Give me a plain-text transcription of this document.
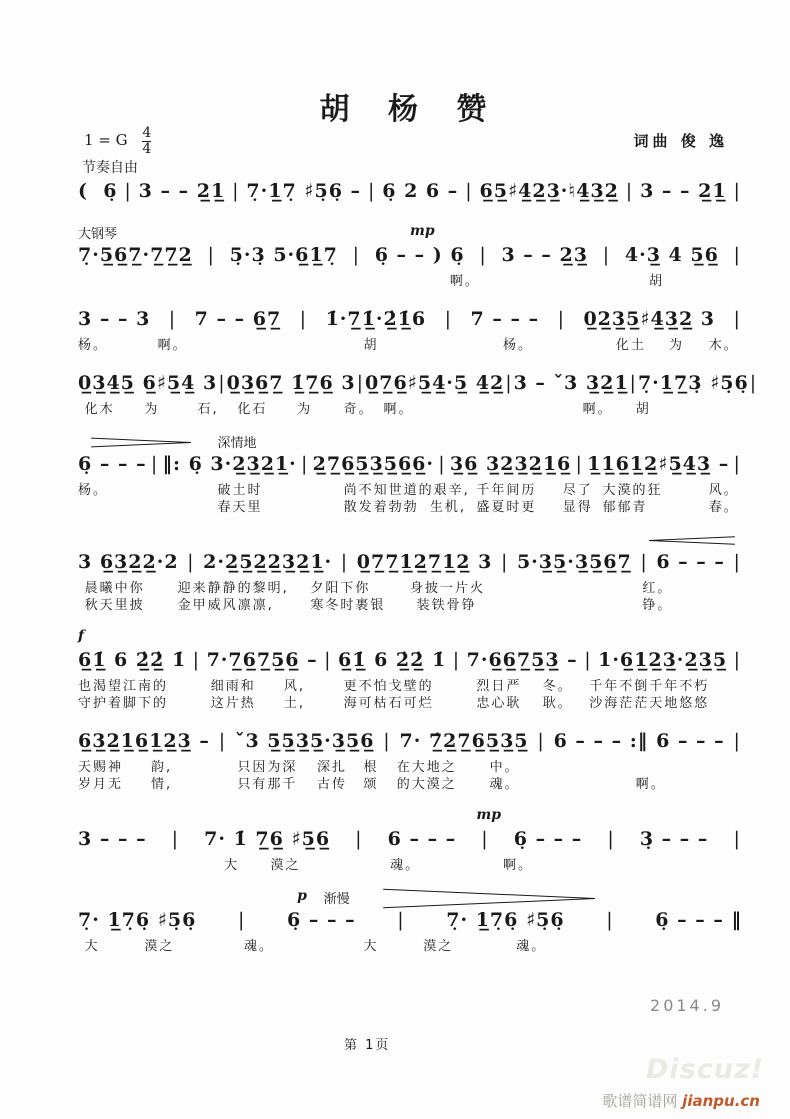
胡 杨 赞
1 = G $\frac{4}{4}$
节奏自由
词曲 俊 逸
(  6̣ | 3 – – 2̲1̲ | 7̣·1̲7̣ ♯5̣6̣ – | 6̣ 2 6 – | 6̲5̲♯4̲2̲3̲·♮4̲3̲2̲ | 3 – – 2̲1̲ |
大钢琴	mp
7̣·5̲6̲7̲·7̲7̲2̲ | 5̣·3̣ 5·6̲1̲7̣ | 6̣ – – ) 6̣ | 3 – – 2̲3̲ | 4·3̲ 4 5̲6̲ |
啊。	胡
3 – – 3 | 7 – – 6̲7̲ | 1̇·7̲1̲̇·2̲̇1̲̇6 | 7 – – – | 0̲2̲3̲5̲♯4̲3̲2̲ 3 |
杨。	啊。	胡	杨。	化土 为 木。
0̲3̲4̲5̲ 6̲♯5̲4̲ 3 | 0̲3̲6̲7̲ 1̲̇7̲6̲ 3 | 0̲7̲6̲♯5̲4̲·5̲ 4̲2̲ | 3 – ˇ3 3̲2̲1̲ | 7̣·1̲7̲3̣ ♯5̣6̣ |
化木 为	石, 化石 为 奇。 啊。	啊。 胡
深情地
6̣ – – – | ‖: 6̣ 3·2̲3̲2̲1̲· | 2̲7̲6̲5̲3̲5̲6̲6̲· | 3̲6̲ 3̲2̲3̲2̲1̲6̲ | 1̲1̲6̲1̲2̲♯5̲4̲3̲ – |
杨。	破土时	尚不知世道的艰辛, 千年间历 尽了 大漠的狂	风。
春天里	散发着勃勃 生机, 盛夏时更 显得 郁郁青	春。
3 6̲3̲2̲2̲·2 | 2·2̲5̲2̲2̲3̲2̲1̲· | 0̲7̲7̲1̲2̲7̲1̲2̲ 3 | 5·3̲5̲·3̲5̲6̲7̲ | 6 – – – |
晨曦中你	迎来静静的黎明, 夕阳下你	身披一片火	红。
秋天里披	金甲威风凛凛,	寒冬时裹银 装铁骨铮	铮。
f
6̲1̲̇ 6 2̲̇2̲̇ 1̇ | 7·7̲6̲7̲5̲6̲ – | 6̲1̲̇ 6 2̲̇2̲̇ 1̇ | 7·6̲6̲7̲5̲3̲ – | 1·6̲1̲2̲3̲·2̲3̲5̲ |
也渴望江南的	细雨和 风,	更不怕戈壁的	烈日严 冬。 千年不倒千年不朽
守护着脚下的	这片热 土,	海可枯石可烂	忠心耿 耿。 沙海茫茫天地悠悠
6̲3̲2̲1̲6̲1̲2̲3̲ – | ˇ3 5̲5̲3̲5̲·3̲5̲6̲ | 7· 7̲̇2̲7̲6̲5̲3̲5̲ | 6 – – – :‖ 6 – – – |
天赐神 韵,	只因为深 深扎 根 在大地之	中。
岁月无 情,	只有那千 古传 颂 的大漠之	魂。	啊。
mp
3 – – – | 7· 1̇ 7̲6̲ ♯5̲6̲ | 6 – – – | 6̣ – – – | 3̣ – – – |
大 漠之	魂。	啊。
p 渐慢
7̣· 1̲7̣6̣ ♯5̣6̣ | 6̣ – – – | 7̣· 1̲7̣6̣ ♯5̣6̣ | 6̣ – – – ‖
大	漠之	魂。	大	漠之	魂。
2014.9
第 1页
Discuz!
歌谱简谱网 jianpu.cn
